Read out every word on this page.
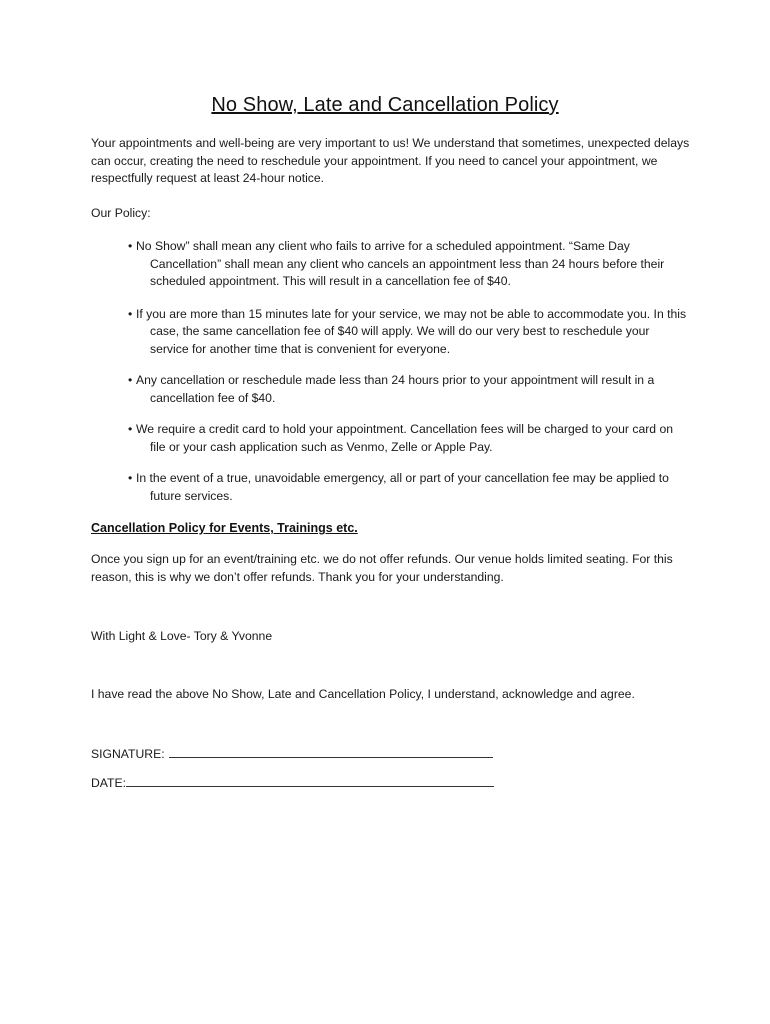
No Show, Late and Cancellation Policy
Your appointments and well-being are very important to us! We understand that sometimes, unexpected delays can occur, creating the need to reschedule your appointment. If you need to cancel your appointment, we respectfully request at least 24-hour notice.
Our Policy:
• No Show” shall mean any client who fails to arrive for a scheduled appointment. “Same Day Cancellation” shall mean any client who cancels an appointment less than 24 hours before their scheduled appointment. This will result in a cancellation fee of $40.
• If you are more than 15 minutes late for your service, we may not be able to accommodate you. In this case, the same cancellation fee of $40 will apply. We will do our very best to reschedule your service for another time that is convenient for everyone.
• Any cancellation or reschedule made less than 24 hours prior to your appointment will result in a cancellation fee of $40.
• We require a credit card to hold your appointment. Cancellation fees will be charged to your card on file or your cash application such as Venmo, Zelle or Apple Pay.
• In the event of a true, unavoidable emergency, all or part of your cancellation fee may be applied to future services.
Cancellation Policy for Events, Trainings etc.
Once you sign up for an event/training etc. we do not offer refunds. Our venue holds limited seating. For this reason, this is why we don’t offer refunds. Thank you for your understanding.
With Light & Love- Tory & Yvonne
I have read the above No Show, Late and Cancellation Policy, I understand, acknowledge and agree.
SIGNATURE:
DATE:
